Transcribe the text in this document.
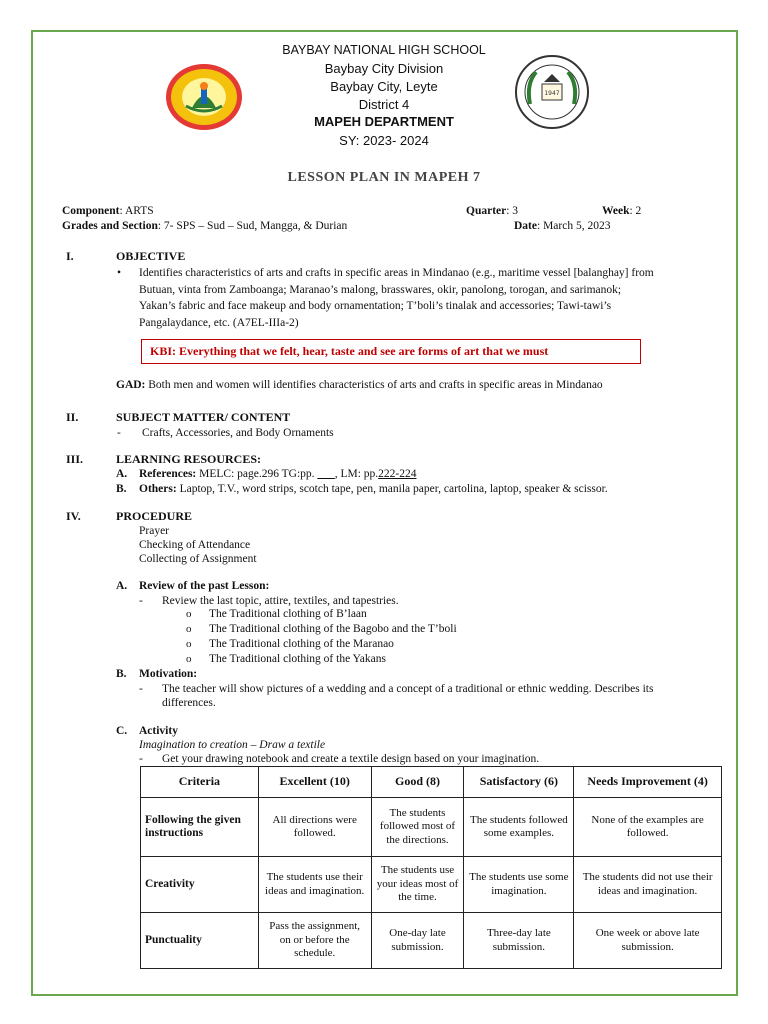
1947
BAYBAY NATIONAL HIGH SCHOOL
Baybay City Division
Baybay City, Leyte
District 4
MAPEH DEPARTMENT
SY: 2023- 2024
LESSON PLAN IN MAPEH 7
Component: ARTS	Quarter: 3	Week: 2
Grades and Section: 7- SPS – Sud – Sud, Mangga, & Durian	Date: March 5, 2023
I.	OBJECTIVE
• Identifies characteristics of arts and crafts in specific areas in Mindanao (e.g., maritime vessel [balanghay] from
Butuan, vinta from Zamboanga; Maranao’s malong, brasswares, okir, panolong, torogan, and sarimanok;
Yakan’s fabric and face makeup and body ornamentation; T’boli’s tinalak and accessories; Tawi-tawi’s
Pangalaydance, etc. (A7EL-IIIa-2)
KBI: Everything that we felt, hear, taste and see are forms of art that we must
GAD: Both men and women will identifies characteristics of arts and crafts in specific areas in Mindanao
II.	SUBJECT MATTER/ CONTENT
- Crafts, Accessories, and Body Ornaments
III.	LEARNING RESOURCES:
A. References: MELC: page.296 TG:pp. ___, LM: pp.222-224
B. Others: Laptop, T.V., word strips, scotch tape, pen, manila paper, cartolina, laptop, speaker & scissor.
IV.	PROCEDURE
Prayer
Checking of Attendance
Collecting of Assignment
A. Review of the past Lesson:
- Review the last topic, attire, textiles, and tapestries.
o The Traditional clothing of B’laan
o The Traditional clothing of the Bagobo and the T’boli
o The Traditional clothing of the Maranao
o The Traditional clothing of the Yakans
B. Motivation:
- The teacher will show pictures of a wedding and a concept of a traditional or ethnic wedding. Describes its
differences.
C. Activity
Imagination to creation – Draw a textile
- Get your drawing notebook and create a textile design based on your imagination.
Criteria	Excellent (10)	Good (8)	Satisfactory (6)	Needs Improvement (4)
Following the given instructions	All directions were followed.	The students followed most of the directions.	The students followed some examples.	None of the examples are followed.
Creativity	The students use their ideas and imagination.	The students use your ideas most of the time.	The students use some imagination.	The students did not use their ideas and imagination.
Punctuality	Pass the assignment, on or before the schedule.	One-day late submission.	Three-day late submission.	One week or above late submission.
